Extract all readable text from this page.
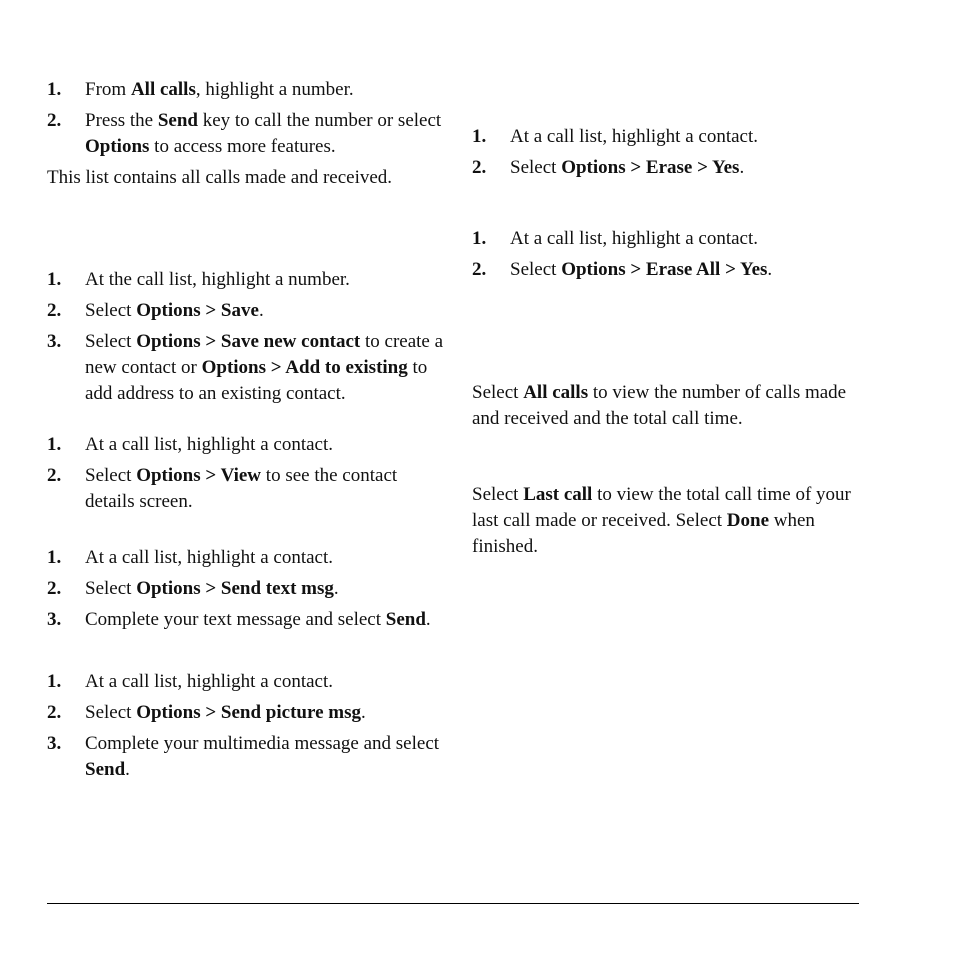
1.	From All calls, highlight a number.
2.	Press the Send key to call the number or select Options to access more features.

This list contains all calls made and received.

1.	At the call list, highlight a number.
2.	Select Options > Save.
3.	Select Options > Save new contact to create a new contact or Options > Add to existing to add address to an existing contact.
1.	At a call list, highlight a contact.
2.	Select Options > View to see the contact details screen.
1.	At a call list, highlight a contact.
2.	Select Options > Send text msg.
3.	Complete your text message and select Send.
1.	At a call list, highlight a contact.
2.	Select Options > Send picture msg.
3.	Complete your multimedia message and select Send.
1.	At a call list, highlight a contact.
2.	Select Options > Erase > Yes.
1.	At a call list, highlight a contact.
2.	Select Options > Erase All > Yes.

Select All calls to view the number of calls made and received and the total call time.

Select Last call to view the total call time of your last call made or received. Select Done when finished.
